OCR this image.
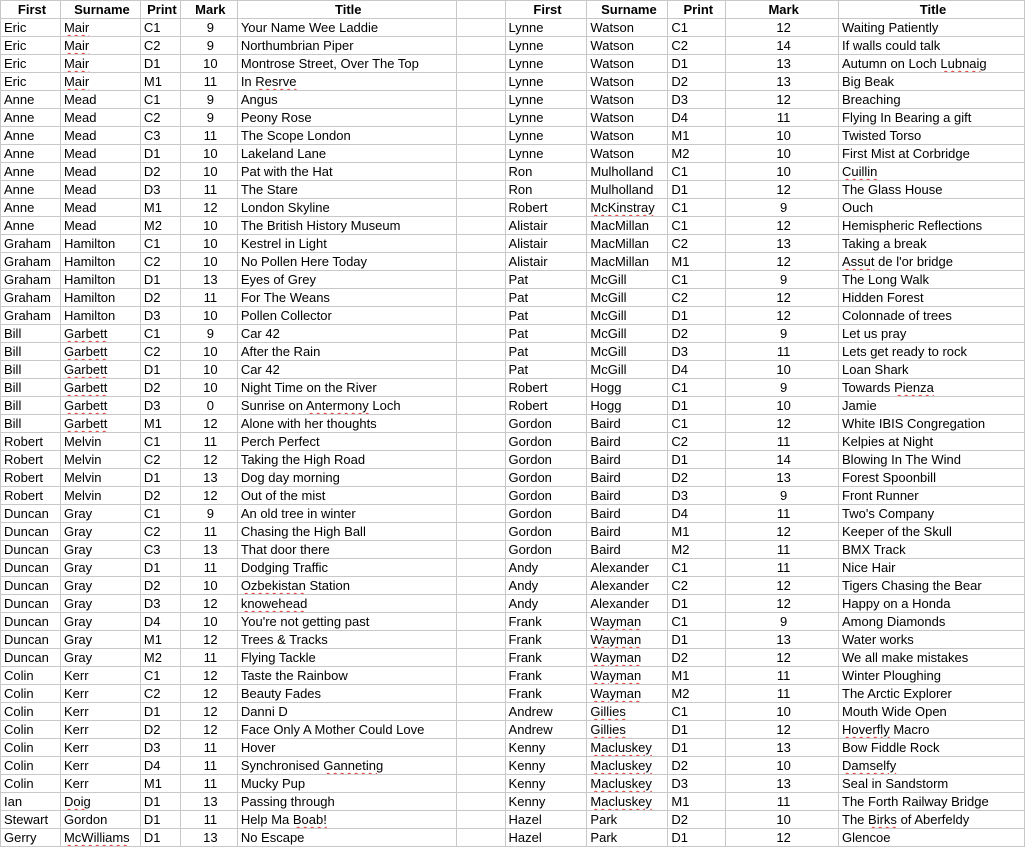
First	Surname	Print	Mark	Title		First	Surname	Print	Mark	Title
Eric	Mair	C1	9	Your Name Wee Laddie		Lynne	Watson	C1	12	Waiting Patiently
Eric	Mair	C2	9	Northumbrian Piper		Lynne	Watson	C2	14	If walls could talk
Eric	Mair	D1	10	Montrose Street, Over The Top		Lynne	Watson	D1	13	Autumn on Loch Lubnaig
Eric	Mair	M1	11	In Resrve		Lynne	Watson	D2	13	Big Beak
Anne	Mead	C1	9	Angus		Lynne	Watson	D3	12	Breaching
Anne	Mead	C2	9	Peony Rose		Lynne	Watson	D4	11	Flying In Bearing a gift
Anne	Mead	C3	11	The Scope London		Lynne	Watson	M1	10	Twisted Torso
Anne	Mead	D1	10	Lakeland Lane		Lynne	Watson	M2	10	First Mist at Corbridge
Anne	Mead	D2	10	Pat with the Hat		Ron	Mulholland	C1	10	Cuillin
Anne	Mead	D3	11	The Stare		Ron	Mulholland	D1	12	The Glass House
Anne	Mead	M1	12	London Skyline		Robert	McKinstray	C1	9	Ouch
Anne	Mead	M2	10	The British History Museum		Alistair	MacMillan	C1	12	Hemispheric Reflections
Graham	Hamilton	C1	10	Kestrel in Light		Alistair	MacMillan	C2	13	Taking a break
Graham	Hamilton	C2	10	No Pollen Here Today		Alistair	MacMillan	M1	12	Assut de l'or bridge
Graham	Hamilton	D1	13	Eyes of Grey		Pat	McGill	C1	9	The Long Walk
Graham	Hamilton	D2	11	For The Weans		Pat	McGill	C2	12	Hidden Forest
Graham	Hamilton	D3	10	Pollen Collector		Pat	McGill	D1	12	Colonnade of trees
Bill	Garbett	C1	9	Car 42		Pat	McGill	D2	9	Let us pray
Bill	Garbett	C2	10	After the Rain		Pat	McGill	D3	11	Lets get ready to rock
Bill	Garbett	D1	10	Car 42		Pat	McGill	D4	10	Loan Shark
Bill	Garbett	D2	10	Night Time on the River		Robert	Hogg	C1	9	Towards Pienza
Bill	Garbett	D3	0	Sunrise on Antermony Loch		Robert	Hogg	D1	10	Jamie
Bill	Garbett	M1	12	Alone with her thoughts		Gordon	Baird	C1	12	White IBIS Congregation
Robert	Melvin	C1	11	Perch Perfect		Gordon	Baird	C2	11	Kelpies at Night
Robert	Melvin	C2	12	Taking the High Road		Gordon	Baird	D1	14	Blowing In The Wind
Robert	Melvin	D1	13	Dog day morning		Gordon	Baird	D2	13	Forest Spoonbill
Robert	Melvin	D2	12	Out of the mist		Gordon	Baird	D3	9	Front Runner
Duncan	Gray	C1	9	An old tree in winter		Gordon	Baird	D4	11	Two's Company
Duncan	Gray	C2	11	Chasing the High Ball		Gordon	Baird	M1	12	Keeper of the Skull
Duncan	Gray	C3	13	That door there		Gordon	Baird	M2	11	BMX Track
Duncan	Gray	D1	11	Dodging Traffic		Andy	Alexander	C1	11	Nice Hair
Duncan	Gray	D2	10	Ozbekistan Station		Andy	Alexander	C2	12	Tigers Chasing the Bear
Duncan	Gray	D3	12	knowehead		Andy	Alexander	D1	12	Happy on a Honda
Duncan	Gray	D4	10	You're not getting past		Frank	Wayman	C1	9	Among Diamonds
Duncan	Gray	M1	12	Trees & Tracks		Frank	Wayman	D1	13	Water works
Duncan	Gray	M2	11	Flying Tackle		Frank	Wayman	D2	12	We all make mistakes
Colin	Kerr	C1	12	Taste the Rainbow		Frank	Wayman	M1	11	Winter Ploughing
Colin	Kerr	C2	12	Beauty Fades		Frank	Wayman	M2	11	The Arctic Explorer
Colin	Kerr	D1	12	Danni D		Andrew	Gillies	C1	10	Mouth Wide Open
Colin	Kerr	D2	12	Face Only A Mother Could Love		Andrew	Gillies	D1	12	Hoverfly Macro
Colin	Kerr	D3	11	Hover		Kenny	Macluskey	D1	13	Bow Fiddle Rock
Colin	Kerr	D4	11	Synchronised Ganneting		Kenny	Macluskey	D2	10	Damselfy
Colin	Kerr	M1	11	Mucky Pup		Kenny	Macluskey	D3	13	Seal in Sandstorm
Ian	Doig	D1	13	Passing through		Kenny	Macluskey	M1	11	The Forth Railway Bridge
Stewart	Gordon	D1	11	Help Ma Boab!		Hazel	Park	D2	10	The Birks of Aberfeldy
Gerry	McWilliams	D1	13	No Escape		Hazel	Park	D1	12	Glencoe
